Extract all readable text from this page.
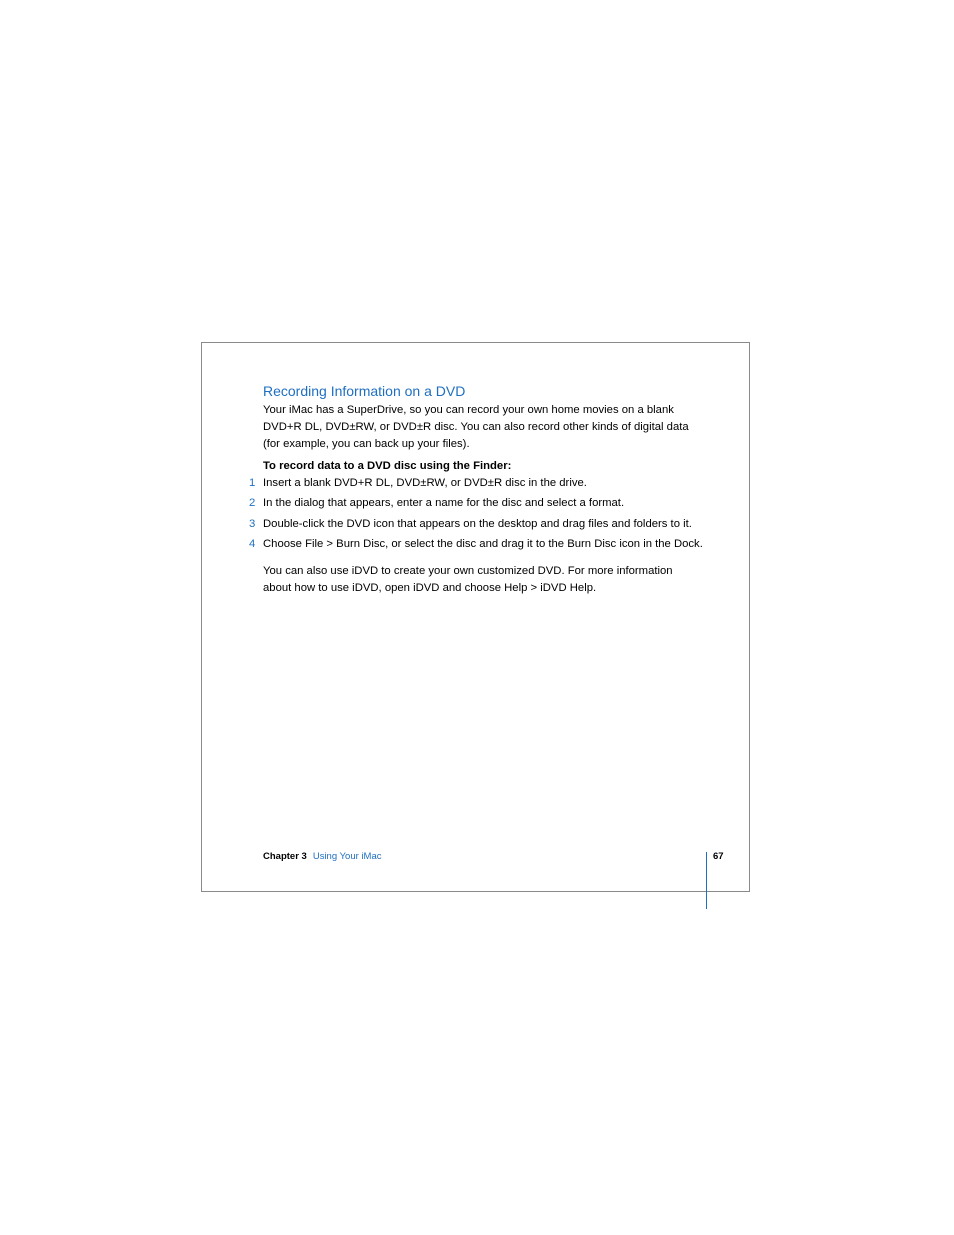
Recording Information on a DVD

Your iMac has a SuperDrive, so you can record your own home movies on a blank
DVD+R DL, DVD±RW, or DVD±R disc. You can also record other kinds of digital data
(for example, you can back up your files).

To record data to a DVD disc using the Finder:

1 Insert a blank DVD+R DL, DVD±RW, or DVD±R disc in the drive.
2 In the dialog that appears, enter a name for the disc and select a format.
3 Double-click the DVD icon that appears on the desktop and drag files and folders to it.
4 Choose File > Burn Disc, or select the disc and drag it to the Burn Disc icon in the Dock.

You can also use iDVD to create your own customized DVD. For more information
about how to use iDVD, open iDVD and choose Help > iDVD Help.

Chapter 3 Using Your iMac	67
